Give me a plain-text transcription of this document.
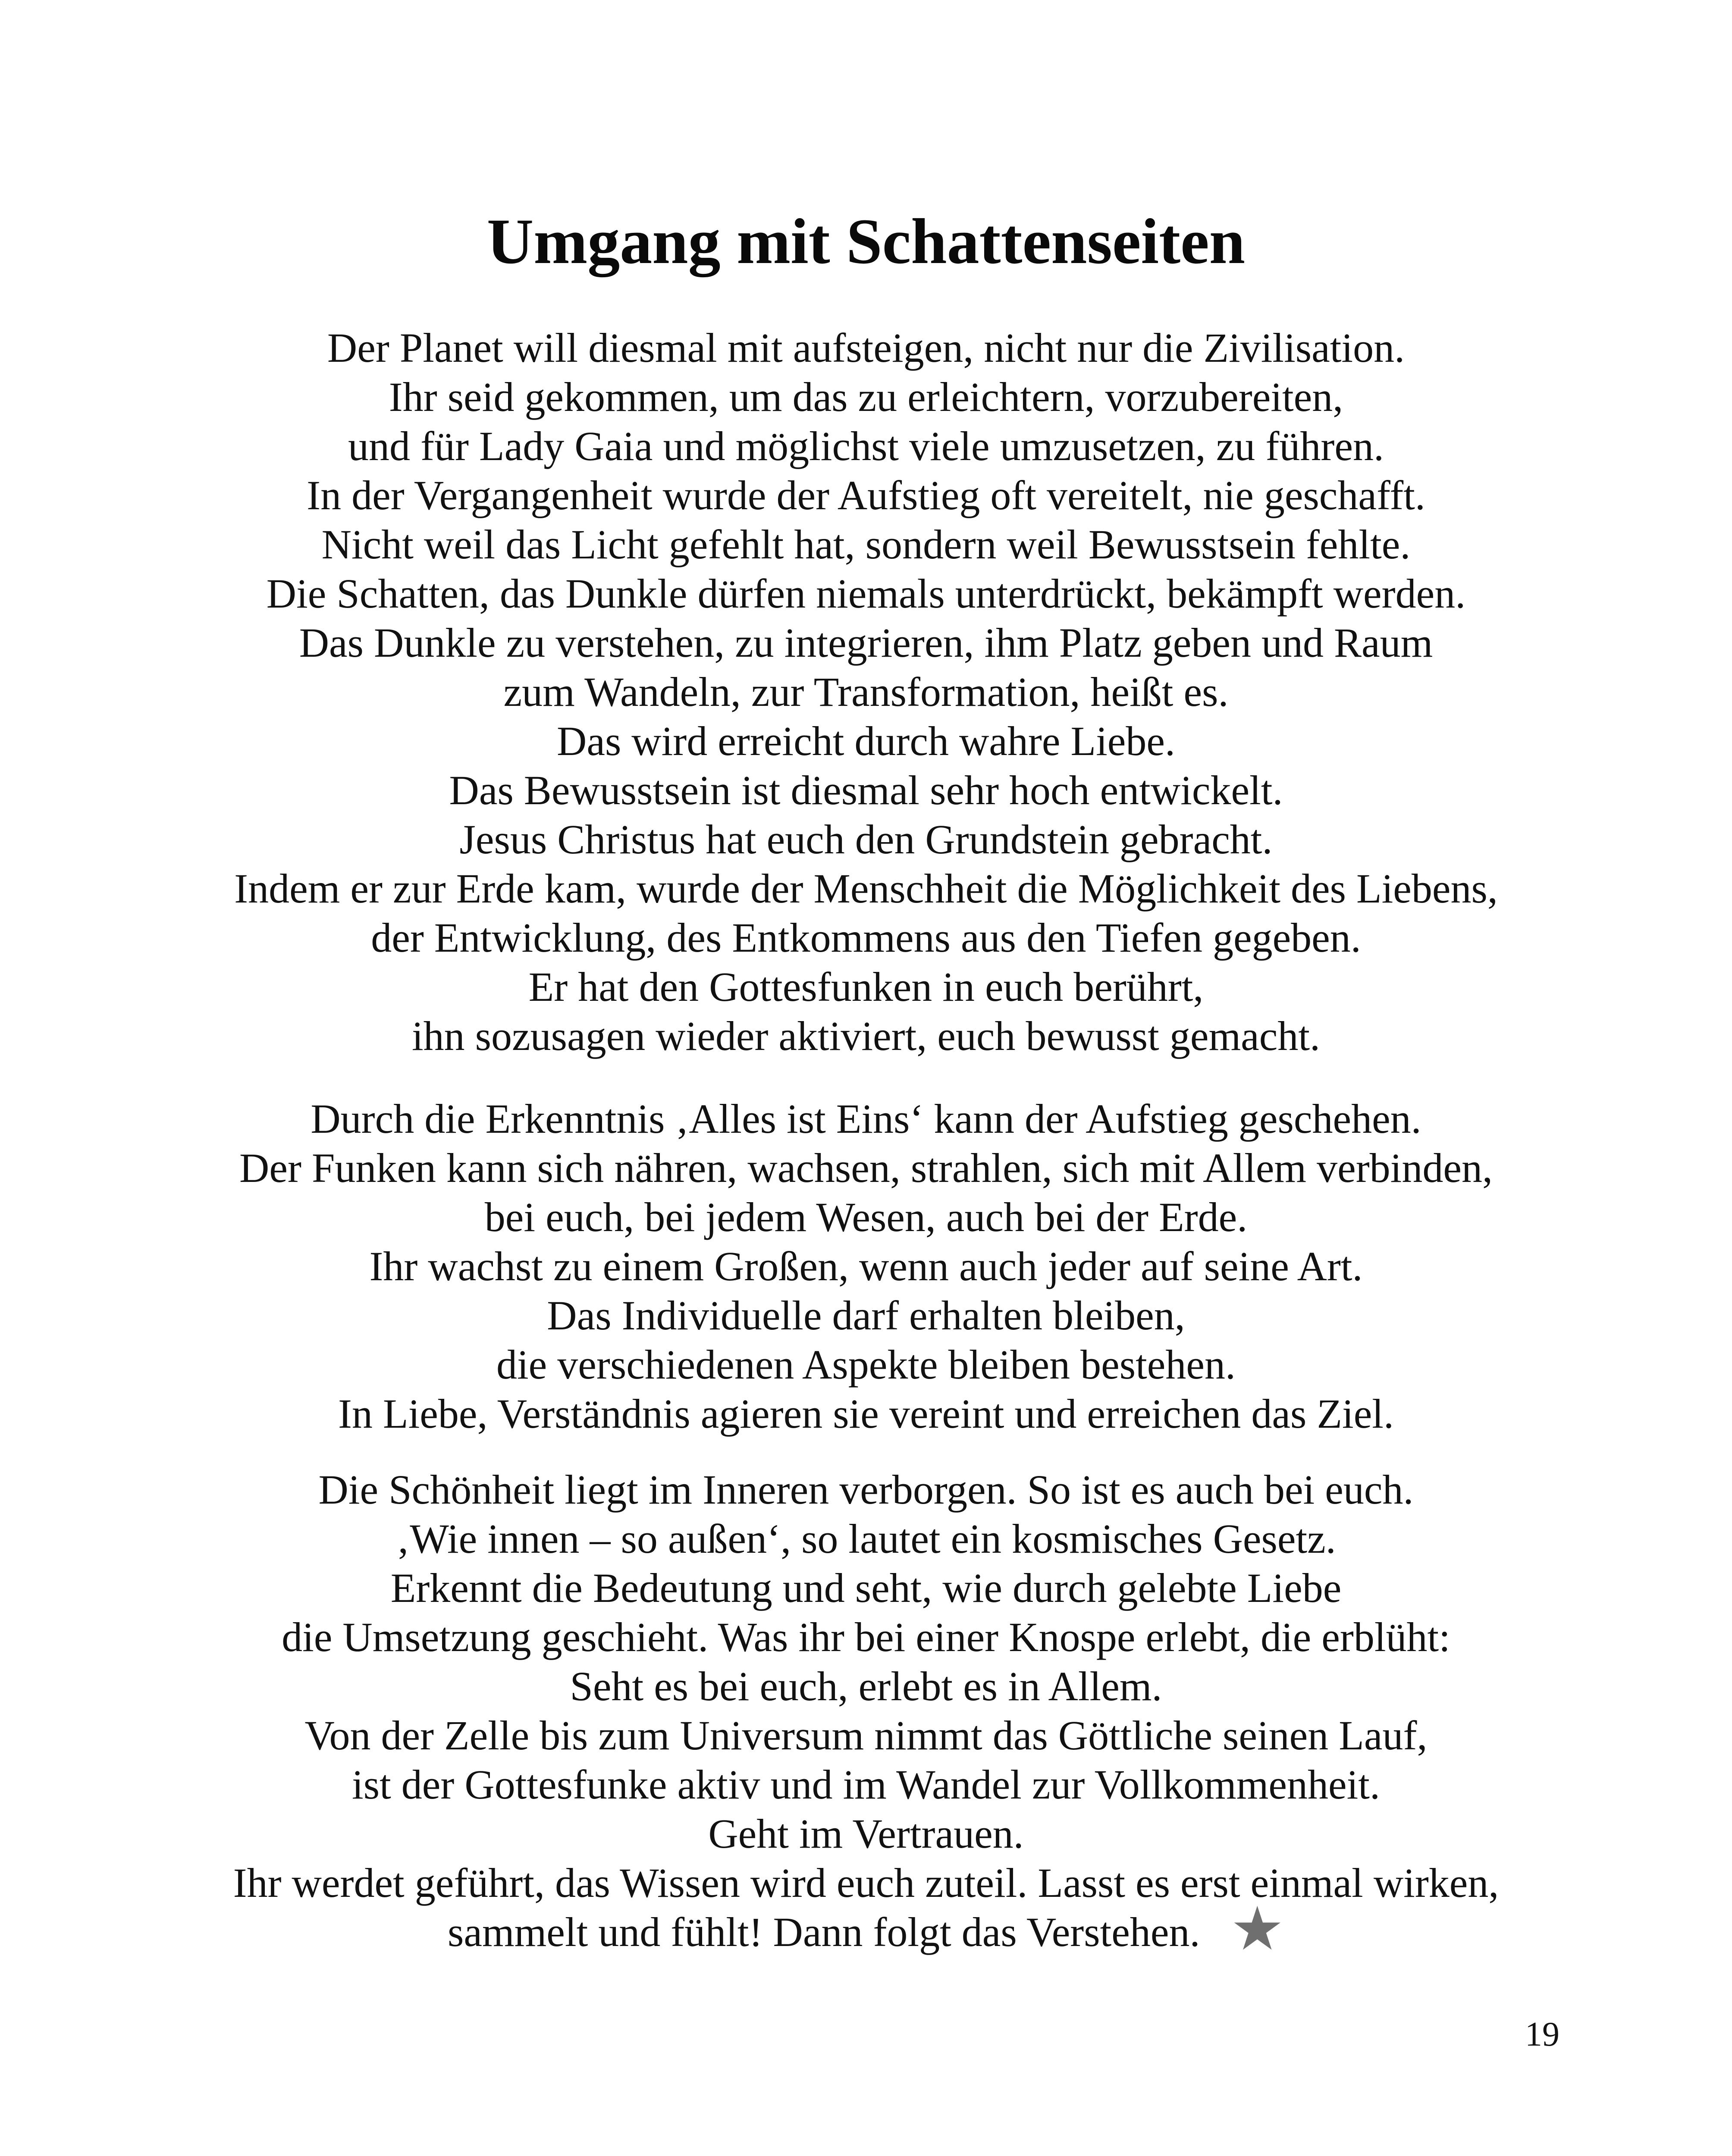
Umgang mit Schattenseiten
Der Planet will diesmal mit aufsteigen, nicht nur die Zivilisation.
Ihr seid gekommen, um das zu erleichtern, vorzubereiten,
und für Lady Gaia und möglichst viele umzusetzen, zu führen.
In der Vergangenheit wurde der Aufstieg oft vereitelt, nie geschafft.
Nicht weil das Licht gefehlt hat, sondern weil Bewusstsein fehlte.
Die Schatten, das Dunkle dürfen niemals unterdrückt, bekämpft werden.
Das Dunkle zu verstehen, zu integrieren, ihm Platz geben und Raum
zum Wandeln, zur Transformation, heißt es.
Das wird erreicht durch wahre Liebe.
Das Bewusstsein ist diesmal sehr hoch entwickelt.
Jesus Christus hat euch den Grundstein gebracht.
Indem er zur Erde kam, wurde der Menschheit die Möglichkeit des Liebens,
der Entwicklung, des Entkommens aus den Tiefen gegeben.
Er hat den Gottesfunken in euch berührt,
ihn sozusagen wieder aktiviert, euch bewusst gemacht.
Durch die Erkenntnis ‚Alles ist Eins‘ kann der Aufstieg geschehen.
Der Funken kann sich nähren, wachsen, strahlen, sich mit Allem verbinden,
bei euch, bei jedem Wesen, auch bei der Erde.
Ihr wachst zu einem Großen, wenn auch jeder auf seine Art.
Das Individuelle darf erhalten bleiben,
die verschiedenen Aspekte bleiben bestehen.
In Liebe, Verständnis agieren sie vereint und erreichen das Ziel.
Die Schönheit liegt im Inneren verborgen. So ist es auch bei euch.
‚Wie innen – so außen‘, so lautet ein kosmisches Gesetz.
Erkennt die Bedeutung und seht, wie durch gelebte Liebe
die Umsetzung geschieht. Was ihr bei einer Knospe erlebt, die erblüht:
Seht es bei euch, erlebt es in Allem.
Von der Zelle bis zum Universum nimmt das Göttliche seinen Lauf,
ist der Gottesfunke aktiv und im Wandel zur Vollkommenheit.
Geht im Vertrauen.
Ihr werdet geführt, das Wissen wird euch zuteil. Lasst es erst einmal wirken,
sammelt und fühlt! Dann folgt das Verstehen. ★
19
